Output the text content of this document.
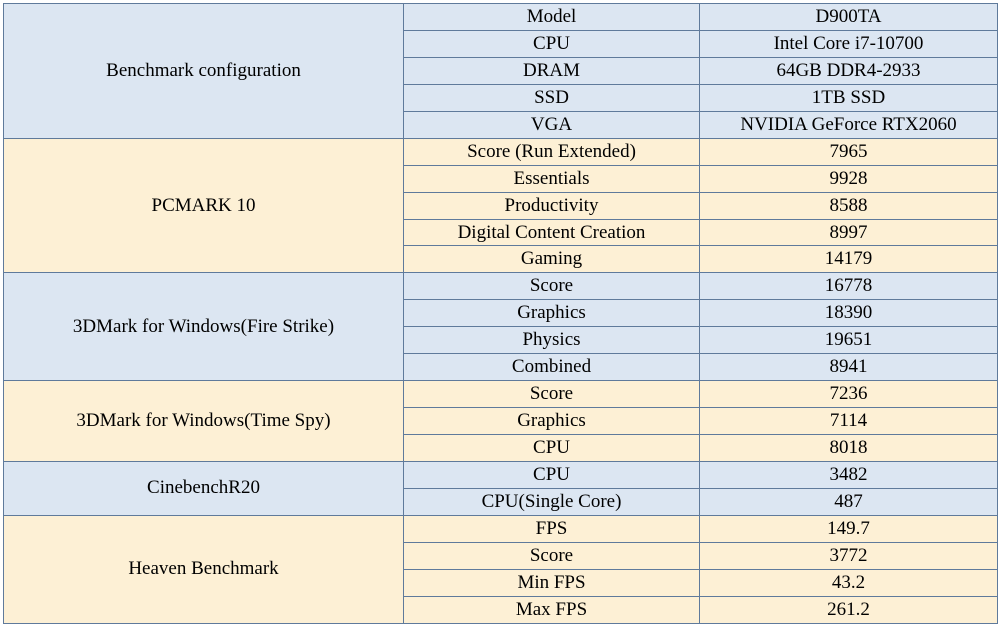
Benchmark configuration	Model	D900TA
	CPU	Intel Core i7-10700
	DRAM	64GB DDR4-2933
	SSD	1TB SSD
	VGA	NVIDIA GeForce RTX2060
PCMARK 10	Score (Run Extended)	7965
	Essentials	9928
	Productivity	8588
	Digital Content Creation	8997
	Gaming	14179
3DMark for Windows(Fire Strike)	Score	16778
	Graphics	18390
	Physics	19651
	Combined	8941
3DMark for Windows(Time Spy)	Score	7236
	Graphics	7114
	CPU	8018
CinebenchR20	CPU	3482
	CPU(Single Core)	487
Heaven Benchmark	FPS	149.7
	Score	3772
	Min FPS	43.2
	Max FPS	261.2
